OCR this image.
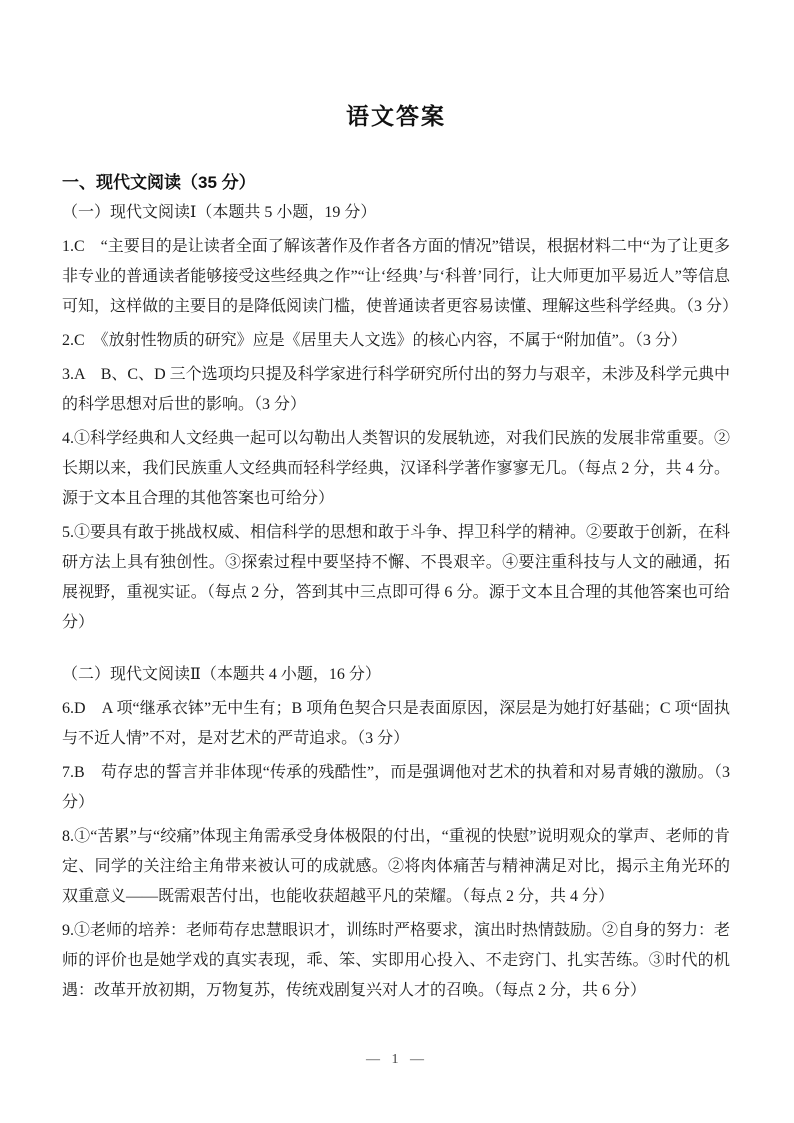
语文答案
一、现代文阅读（35 分）
（一）现代文阅读Ⅰ（本题共 5 小题，19 分）
1.C　“主要目的是让读者全面了解该著作及作者各方面的情况”错误，根据材料二中“为了让更多非专业的普通读者能够接受这些经典之作”“让‘经典’与‘科普’同行，让大师更加平易近人”等信息可知，这样做的主要目的是降低阅读门槛，使普通读者更容易读懂、理解这些科学经典。（3 分）
2.C　《放射性物质的研究》应是《居里夫人文选》的核心内容，不属于“附加值”。（3 分）
3.A　B、C、D 三个选项均只提及科学家进行科学研究所付出的努力与艰辛，未涉及科学元典中的科学思想对后世的影响。（3 分）
4.①科学经典和人文经典一起可以勾勒出人类智识的发展轨迹，对我们民族的发展非常重要。②长期以来，我们民族重人文经典而轻科学经典，汉译科学著作寥寥无几。（每点 2 分，共 4 分。源于文本且合理的其他答案也可给分）
5.①要具有敢于挑战权威、相信科学的思想和敢于斗争、捍卫科学的精神。②要敢于创新，在科研方法上具有独创性。③探索过程中要坚持不懈、不畏艰辛。④要注重科技与人文的融通，拓展视野，重视实证。（每点 2 分，答到其中三点即可得 6 分。源于文本且合理的其他答案也可给分）
（二）现代文阅读Ⅱ（本题共 4 小题，16 分）
6.D　A 项“继承衣钵”无中生有；B 项角色契合只是表面原因，深层是为她打好基础；C 项“固执与不近人情”不对，是对艺术的严苛追求。（3 分）
7.B　苟存忠的誓言并非体现“传承的残酷性”，而是强调他对艺术的执着和对易青娥的激励。（3 分）
8.①“苦累”与“绞痛”体现主角需承受身体极限的付出，“重视的快慰”说明观众的掌声、老师的肯定、同学的关注给主角带来被认可的成就感。②将肉体痛苦与精神满足对比，揭示主角光环的双重意义——既需艰苦付出，也能收获超越平凡的荣耀。（每点 2 分，共 4 分）
9.①老师的培养：老师苟存忠慧眼识才，训练时严格要求，演出时热情鼓励。②自身的努力：老师的评价也是她学戏的真实表现，乖、笨、实即用心投入、不走窍门、扎实苦练。③时代的机遇：改革开放初期，万物复苏，传统戏剧复兴对人才的召唤。（每点 2 分，共 6 分）
— 1 —
